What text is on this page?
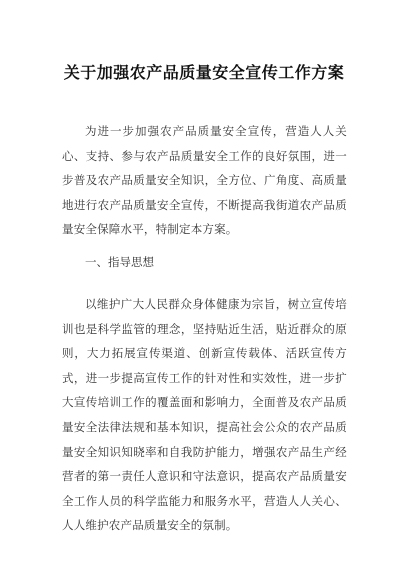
关于加强农产品质量安全宣传工作方案

为进一步加强农产品质量安全宣传，营造人人关心、支持、参与农产品质量安全工作的良好氛围，进一步普及农产品质量安全知识，全方位、广角度、高质量地进行农产品质量安全宣传，不断提高我街道农产品质量安全保障水平，特制定本方案。

一、指导思想

以维护广大人民群众身体健康为宗旨，树立宣传培训也是科学监管的理念，坚持贴近生活，贴近群众的原则，大力拓展宣传渠道、创新宣传载体、活跃宣传方式，进一步提高宣传工作的针对性和实效性，进一步扩大宣传培训工作的覆盖面和影响力，全面普及农产品质量安全法律法规和基本知识，提高社会公众的农产品质量安全知识知晓率和自我防护能力，增强农产品生产经营者的第一责任人意识和守法意识，提高农产品质量安全工作人员的科学监能力和服务水平，营造人人关心、人人维护农产品质量安全的氛制。
